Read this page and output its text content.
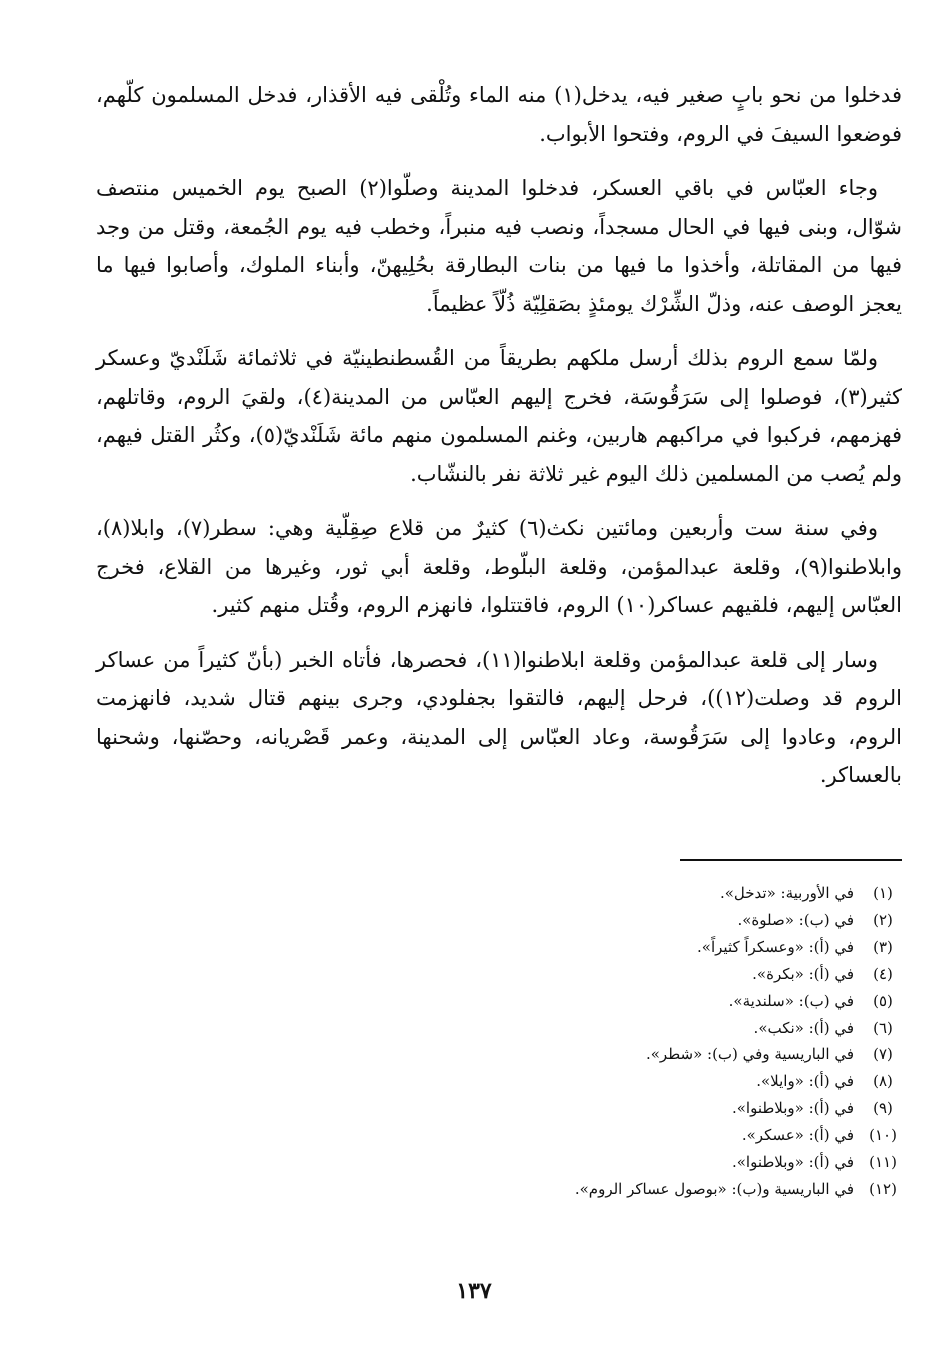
فدخلوا من نحو بابٍ صغير فيه، يدخل(١) منه الماء وتُلْقى فيه الأقذار، فدخل المسلمون كلّهم، فوضعوا السيفَ في الروم، وفتحوا الأبواب.

وجاء العبّاس في باقي العسكر، فدخلوا المدينة وصلّوا(٢) الصبح يوم الخميس منتصف شوّال، وبنى فيها في الحال مسجداً، ونصب فيه منبراً، وخطب فيه يوم الجُمعة، وقتل من وجد فيها من المقاتلة، وأخذوا ما فيها من بنات البطارقة بحُلِيهنّ، وأبناء الملوك، وأصابوا فيها ما يعجز الوصف عنه، وذلّ الشِّرْك يومئذٍ بصَقلِيّة ذُلّاً عظيماً.

ولمّا سمع الروم بذلك أرسل ملكهم بطريقاً من القُسطنطينيّة في ثلاثمائة شَلَنْديّ وعسكر كثير(٣)، فوصلوا إلى سَرَقُوسَة، فخرج إليهم العبّاس من المدينة(٤)، ولقيَ الروم، وقاتلهم، فهزمهم، فركبوا في مراكبهم هاربين، وغنم المسلمون منهم مائة شَلَنْديّ(٥)، وكثُر القتل فيهم، ولم يُصب من المسلمين ذلك اليوم غير ثلاثة نفر بالنشّاب.

وفي سنة ست وأربعين ومائتين نكث(٦) كثيرٌ من قلاع صِقِلّية وهي: سطر(٧)، وابلا(٨)، وابلاطنوا(٩)، وقلعة عبدالمؤمن، وقلعة البلّوط، وقلعة أبي ثور، وغيرها من القلاع، فخرج العبّاس إليهم، فلقيهم عساكر(١٠) الروم، فاقتتلوا، فانهزم الروم، وقُتل منهم كثير.

وسار إلى قلعة عبدالمؤمن وقلعة ابلاطنوا(١١)، فحصرها، فأتاه الخبر (بأنّ كثيراً من عساكر الروم قد وصلت(١٢))، فرحل إليهم، فالتقوا بجفلودي، وجرى بينهم قتال شديد، فانهزمت الروم، وعادوا إلى سَرَقُوسة، وعاد العبّاس إلى المدينة، وعمر قَصْريانه، وحصّنها، وشحنها بالعساكر.

(١)
في الأوربية: «تدخل».
(٢)
في (ب): «صلوة».
(٣)
في (أ): «وعسكراً كثيراً».
(٤)
في (أ): «بكرة».
(٥)
في (ب): «سلندية».
(٦)
في (أ): «نكب».
(٧)
في الباريسية وفي (ب): «شطر».
(٨)
في (أ): «وايلا».
(٩)
في (أ): «وبلاطنوا».
(١٠)
في (أ): «عسكر».
(١١)
في (أ): «وبلاطنوا».
(١٢)
في الباريسية و(ب): «بوصول عساكر الروم».
١٣٧
